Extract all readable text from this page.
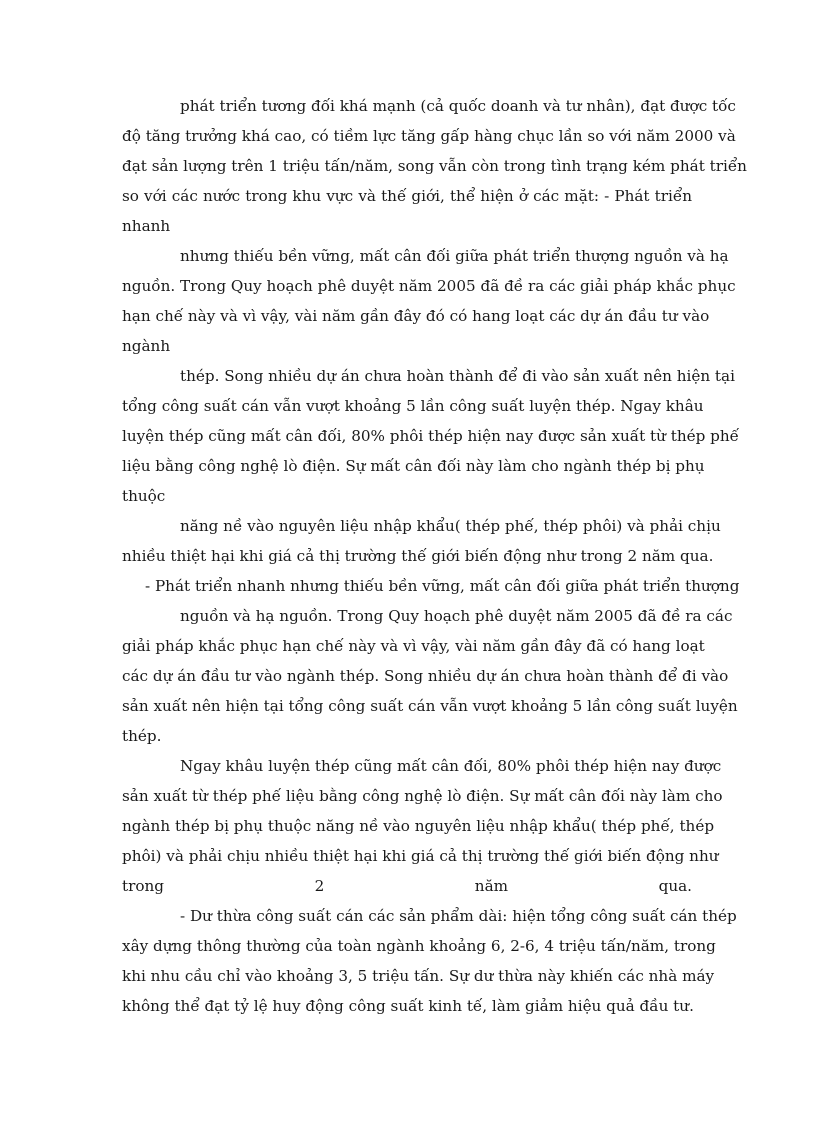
phát triển tương đối khá mạnh (cả quốc doanh và tư nhân), đạt được tốc
độ tăng trưởng khá cao, có tiềm lực tăng gấp hàng chục lần so với năm 2000 và
đạt sản lượng trên 1 triệu tấn/năm, song vẫn còn trong tình trạng kém phát triển
so với các nước trong khu vực và thế giới, thể hiện ở các mặt: - Phát triển
nhanh
nhưng thiếu bền vững, mất cân đối giữa phát triển thượng nguồn và hạ
nguồn. Trong Quy hoạch phê duyệt năm 2005 đã đề ra các giải pháp khắc phục
hạn chế này và vì vậy, vài năm gần đây đó có hang loạt các dự án đầu tư vào
ngành
thép. Song nhiều dự án chưa hoàn thành để đi vào sản xuất nên hiện tại
tổng công suất cán vẫn vượt khoảng 5 lần công suất luyện thép. Ngay khâu
luyện thép cũng mất cân đối, 80% phôi thép hiện nay được sản xuất từ thép phế
liệu bằng công nghệ lò điện. Sự mất cân đối này làm cho ngành thép bị phụ
thuộc
năng nề vào nguyên liệu nhập khẩu( thép phế, thép phôi) và phải chịu
nhiều thiệt hại khi giá cả thị trường thế giới biến động như trong 2 năm qua.
- Phát triển nhanh nhưng thiếu bền vững, mất cân đối giữa phát triển thượng
nguồn và hạ nguồn. Trong Quy hoạch phê duyệt năm 2005 đã đề ra các
giải pháp khắc phục hạn chế này và vì vậy, vài năm gần đây đã có hang loạt
các dự án đầu tư vào ngành thép. Song nhiều dự án chưa hoàn thành để đi vào
sản xuất nên hiện tại tổng công suất cán vẫn vượt khoảng 5 lần công suất luyện
thép.
Ngay khâu luyện thép cũng mất cân đối, 80% phôi thép hiện nay được
sản xuất từ thép phế liệu bằng công nghệ lò điện. Sự mất cân đối này làm cho
ngành thép bị phụ thuộc năng nề vào nguyên liệu nhập khẩu( thép phế, thép
phôi) và phải chịu nhiều thiệt hại khi giá cả thị trường thế giới biến động như
trong 2 năm qua.
- Dư thừa công suất cán các sản phẩm dài: hiện tổng công suất cán thép
xây dựng thông thường của toàn ngành khoảng 6, 2-6, 4 triệu tấn/năm, trong
khi nhu cầu chỉ vào khoảng 3, 5 triệu tấn. Sự dư thừa này khiến các nhà máy
không thể đạt tỷ lệ huy động công suất kinh tế, làm giảm hiệu quả đầu tư.
